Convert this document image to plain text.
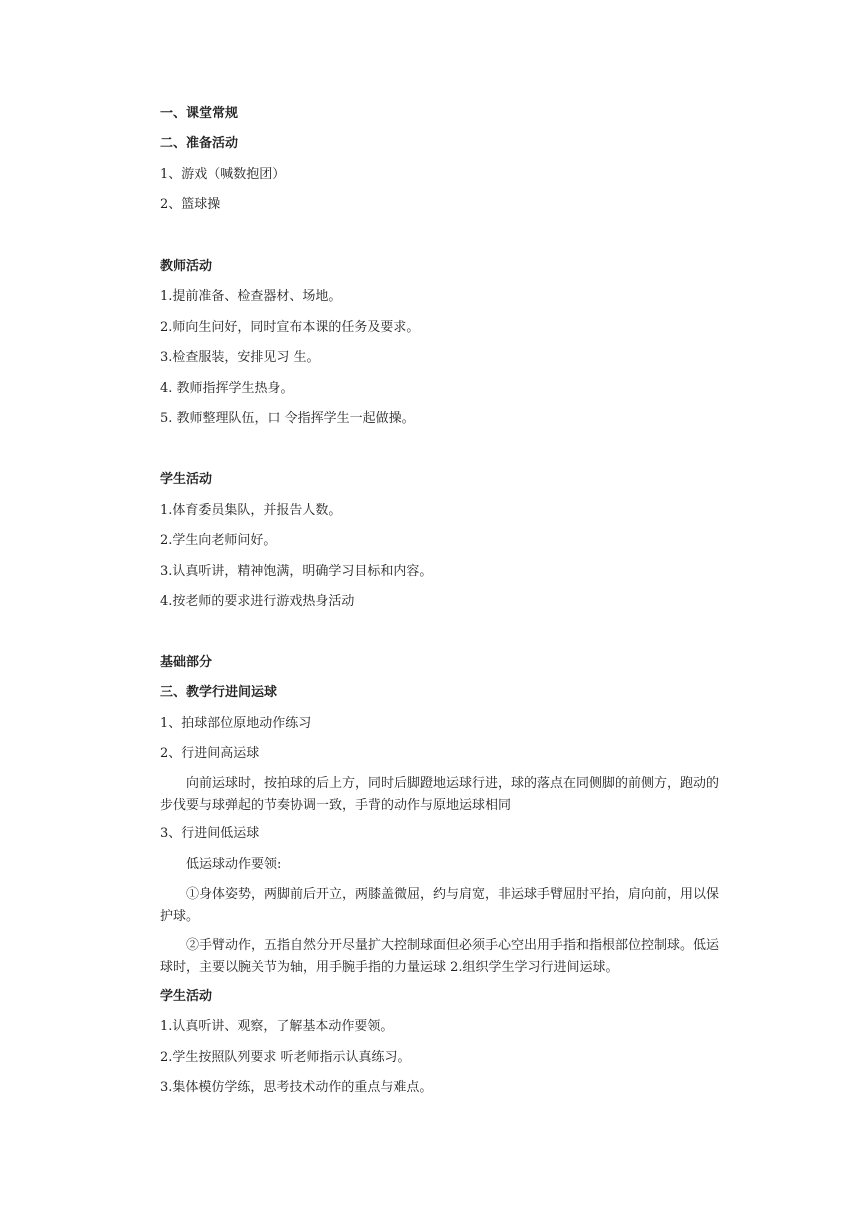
一、课堂常规
二、准备活动
1、游戏（喊数抱团）
2、篮球操
教师活动
1.提前准备、检查器材、场地。
2.师向生问好，同时宣布本课的任务及要求。
3.检查服装，安排见习 生。
4. 教师指挥学生热身。
5. 教师整理队伍，口 令指挥学生一起做操。
学生活动
1.体育委员集队，并报告人数。
2.学生向老师问好。
3.认真听讲，精神饱满，明确学习目标和内容。
4.按老师的要求进行游戏热身活动
基础部分
三、教学行进间运球
1、拍球部位原地动作练习
2、行进间高运球
向前运球时，按拍球的后上方，同时后脚蹬地运球行进，球的落点在同侧脚的前侧方，跑动的步伐要与球弹起的节奏协调一致，手背的动作与原地运球相同
3、行进间低运球
低运球动作要领:
①身体姿势，两脚前后开立，两膝盖微屈，约与肩宽，非运球手臂屈肘平抬，肩向前，用以保护球。
②手臂动作，五指自然分开尽量扩大控制球面但必须手心空出用手指和指根部位控制球。低运球时，主要以腕关节为轴，用手腕手指的力量运球 2.组织学生学习行进间运球。
学生活动
1.认真听讲、观察，了解基本动作要领。
2.学生按照队列要求 听老师指示认真练习。
3.集体模仿学练，思考技术动作的重点与难点。
